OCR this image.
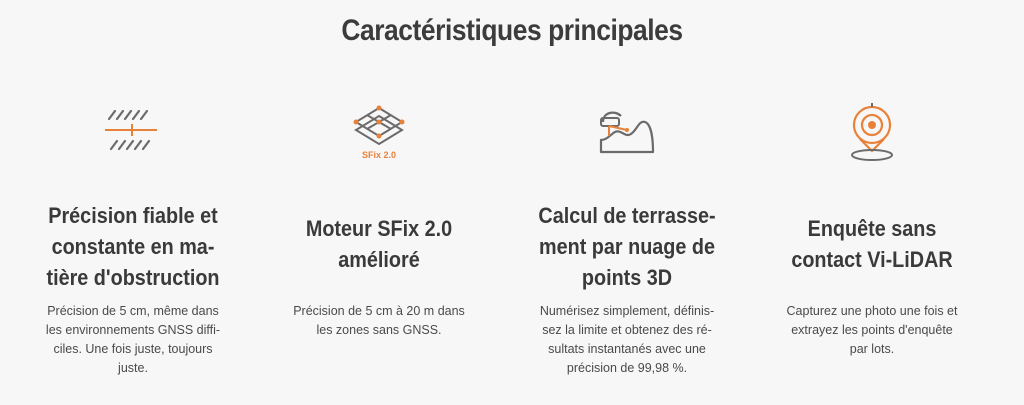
Caractéristiques principales
Précision fiable et
constante en ma-
tière d'obstruction
Précision de 5 cm, même dans
les environnements GNSS diffi-
ciles. Une fois juste, toujours
juste.
SFix 2.0
Moteur SFix 2.0
amélioré
Précision de 5 cm à 20 m dans
les zones sans GNSS.
Calcul de terrasse-
ment par nuage de
points 3D
Numérisez simplement, définis-
sez la limite et obtenez des ré-
sultats instantanés avec une
précision de 99,98 %.
Enquête sans
contact Vi-LiDAR
Capturez une photo une fois et
extrayez les points d'enquête
par lots.
